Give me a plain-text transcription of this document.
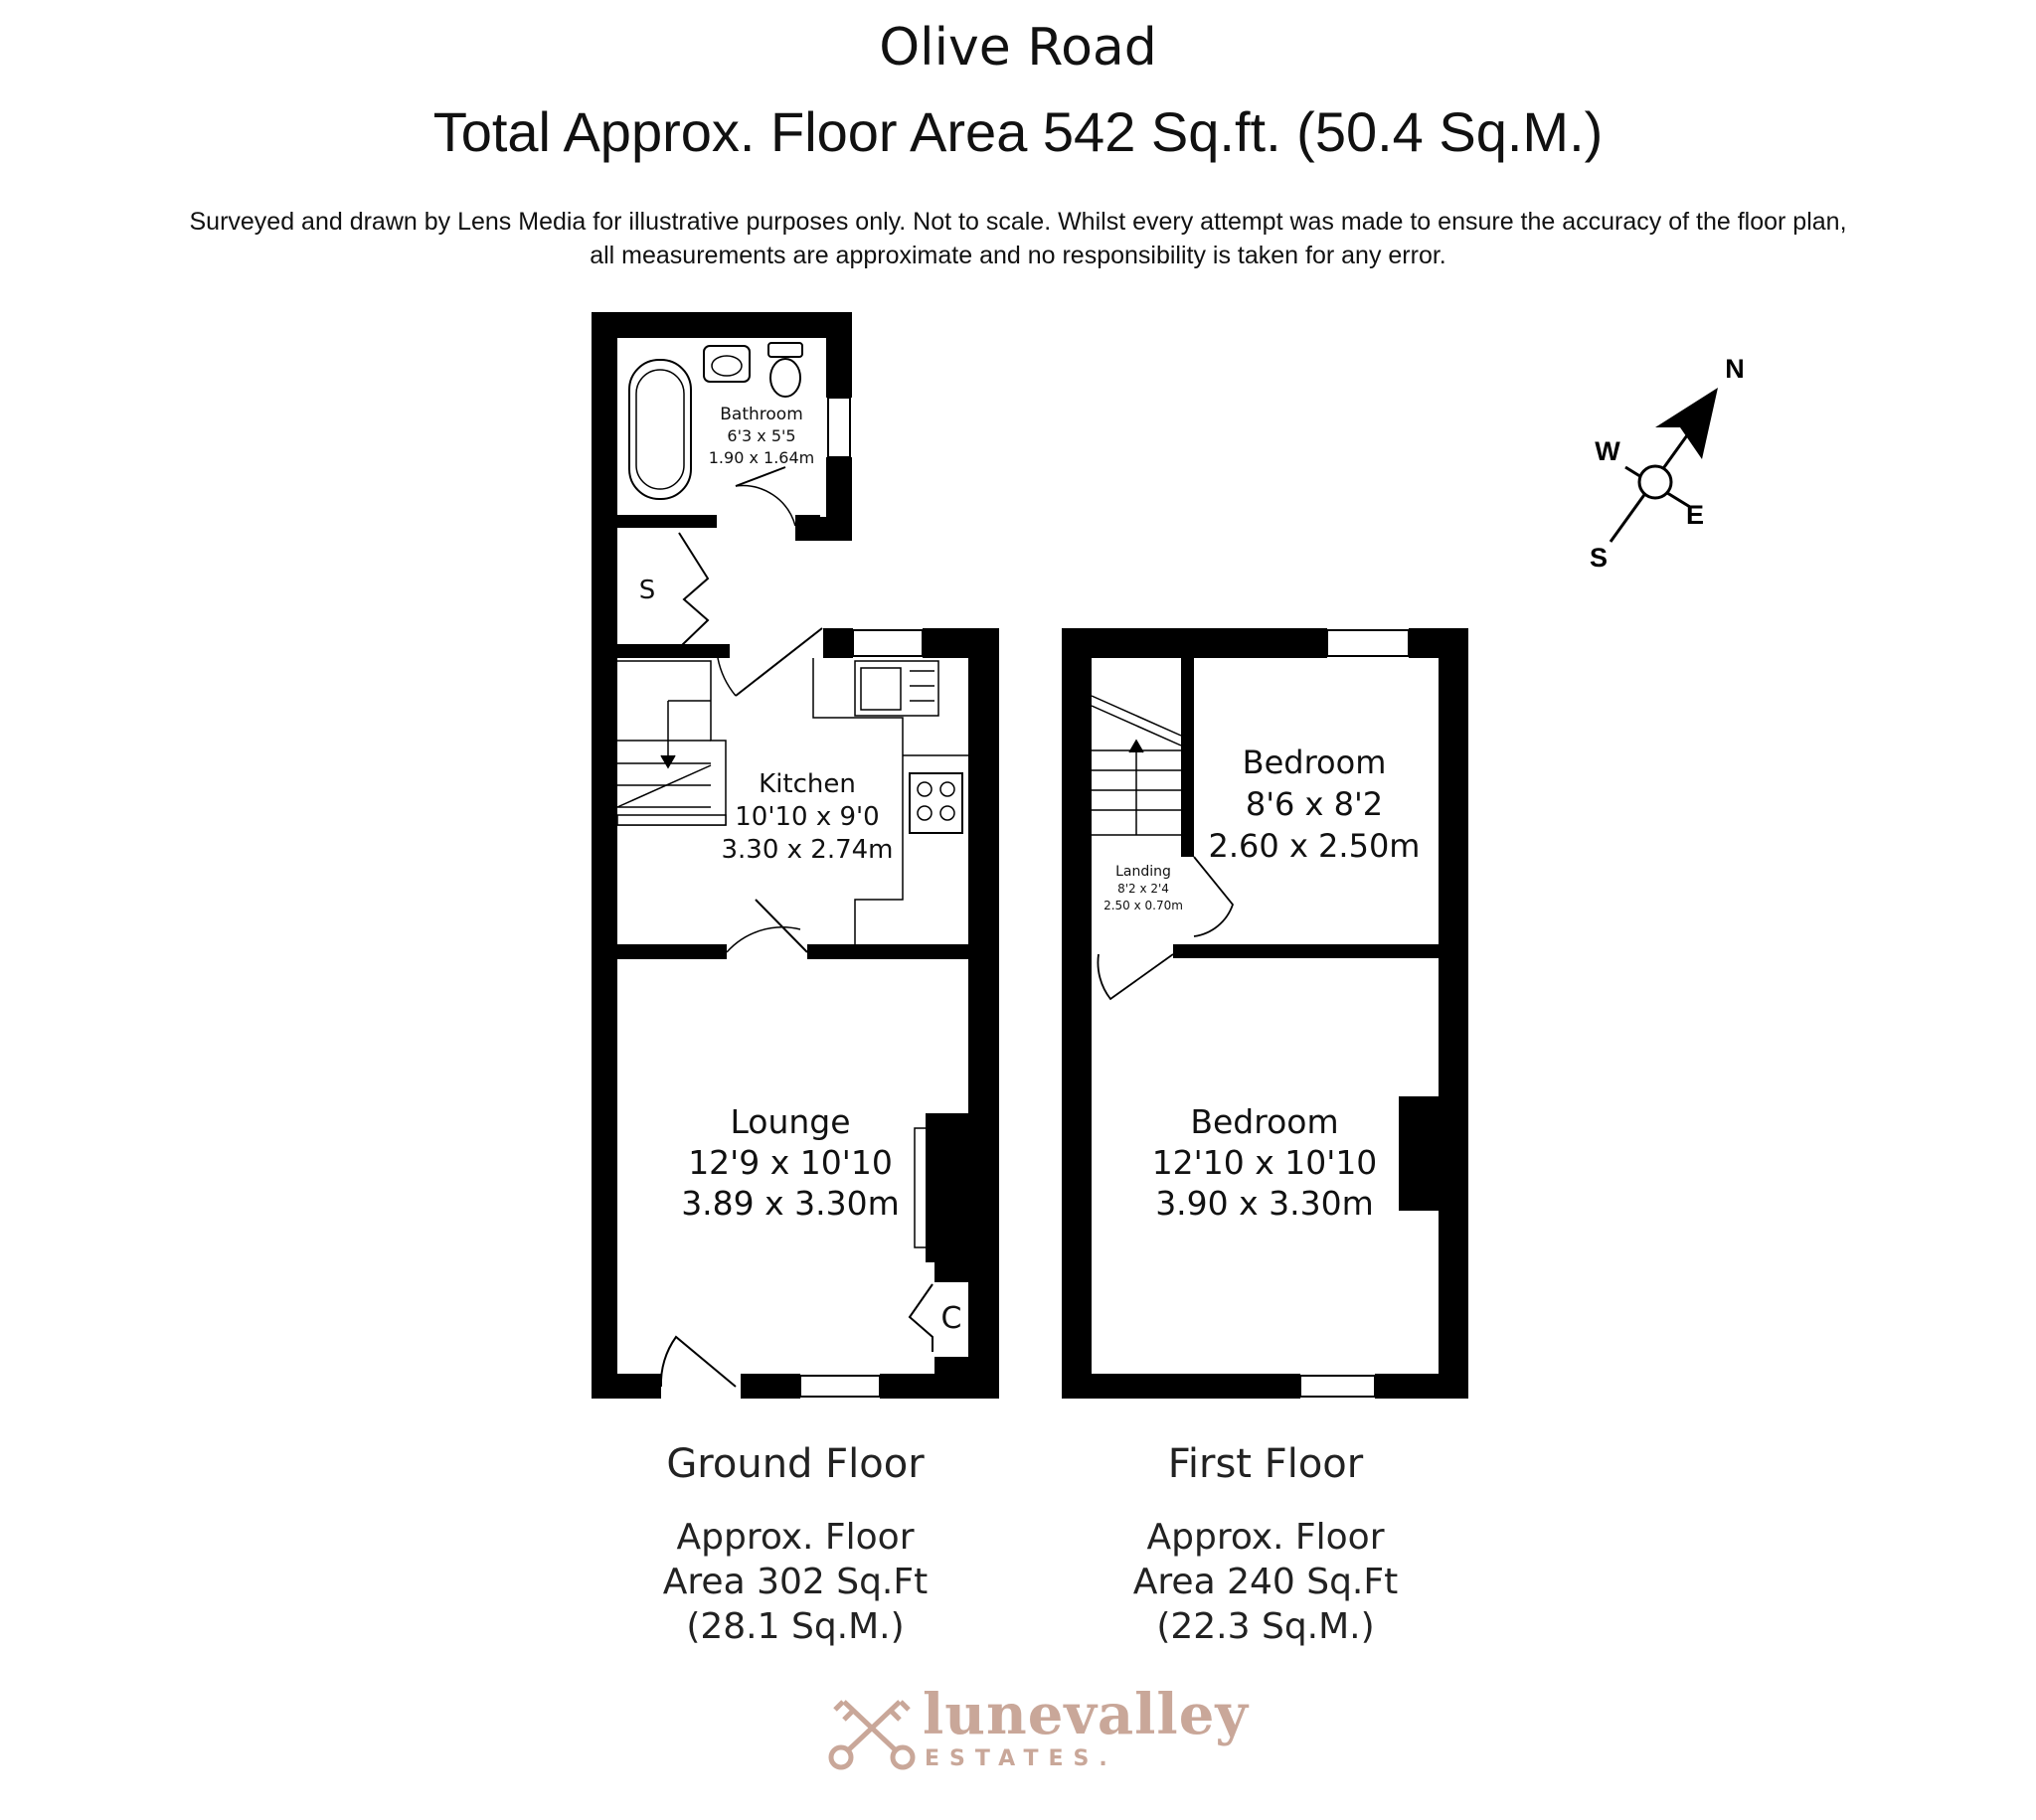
Olive Road
Total Approx. Floor Area 542 Sq.ft. (50.4 Sq.M.)
Surveyed and drawn by Lens Media for illustrative purposes only. Not to scale. Whilst every attempt was made to ensure the accuracy of the floor plan,
all measurements are approximate and no responsibility is taken for any error.
Bathroom
6'3 x 5'5
1.90 x 1.64m
S
Kitchen
10'10 x 9'0
3.30 x 2.74m
Lounge
12'9 x 10'10
3.89 x 3.30m
C
Landing
8'2 x 2'4
2.50 x 0.70m
Bedroom
8'6 x 8'2
2.60 x 2.50m
Bedroom
12'10 x 10'10
3.90 x 3.30m
N
W
E
S
Ground Floor
Approx. Floor
Area 302 Sq.Ft
(28.1 Sq.M.)
First Floor
Approx. Floor
Area 240 Sq.Ft
(22.3 Sq.M.)
lunevalley
ESTATES.
